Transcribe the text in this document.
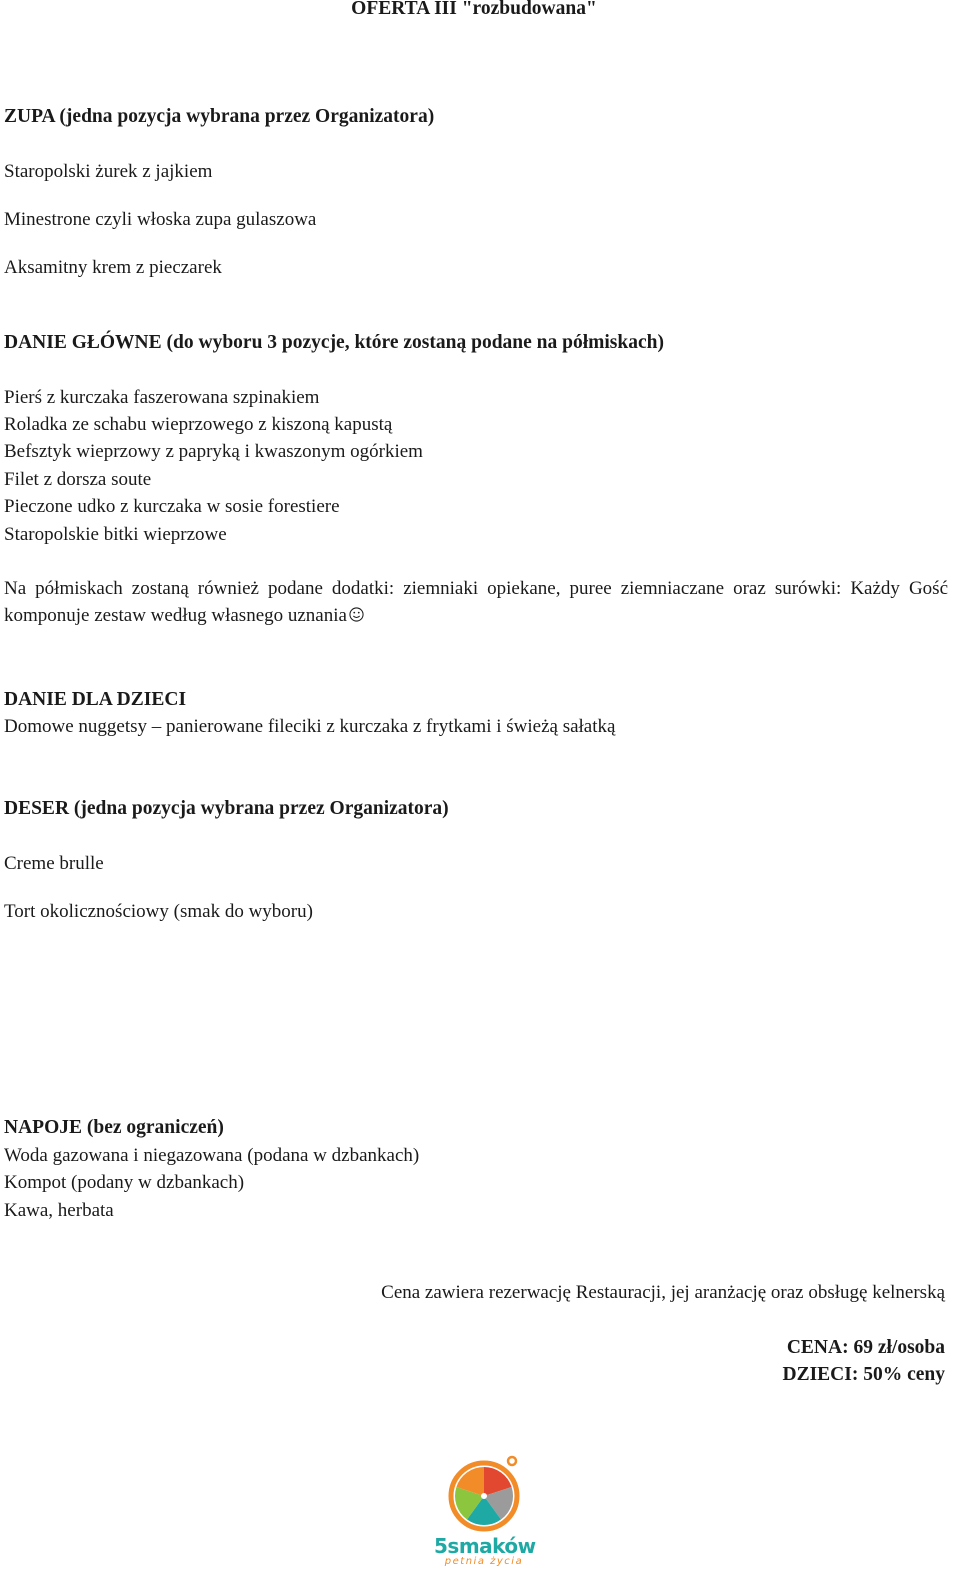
OFERTA III "rozbudowana"
ZUPA (jedna pozycja wybrana przez Organizatora)
Staropolski żurek z jajkiem
Minestrone czyli włoska zupa gulaszowa
Aksamitny krem z pieczarek
DANIE GŁÓWNE (do wyboru 3 pozycje, które zostaną podane na półmiskach)
Pierś z kurczaka faszerowana szpinakiem
Roladka ze schabu wieprzowego z kiszoną kapustą
Befsztyk wieprzowy z papryką i kwaszonym ogórkiem
Filet z dorsza soute
Pieczone udko z kurczaka w sosie forestiere
Staropolskie bitki wieprzowe
Na półmiskach zostaną również podane dodatki: ziemniaki opiekane, puree ziemniaczane oraz surówki: Każdy Gość komponuje zestaw według własnego uznania
DANIE DLA DZIECI
Domowe nuggetsy – panierowane fileciki z kurczaka z frytkami i świeżą sałatką
DESER (jedna pozycja wybrana przez Organizatora)
Creme brulle
Tort okolicznościowy (smak do wyboru)
NAPOJE (bez ograniczeń)
Woda gazowana i niegazowana (podana w dzbankach)
Kompot (podany w dzbankach)
Kawa, herbata
Cena zawiera rezerwację Restauracji, jej aranżację oraz obsługę kelnerską
CENA: 69 zł/osoba
DZIECI: 50% ceny
5smaków
petnia życia
